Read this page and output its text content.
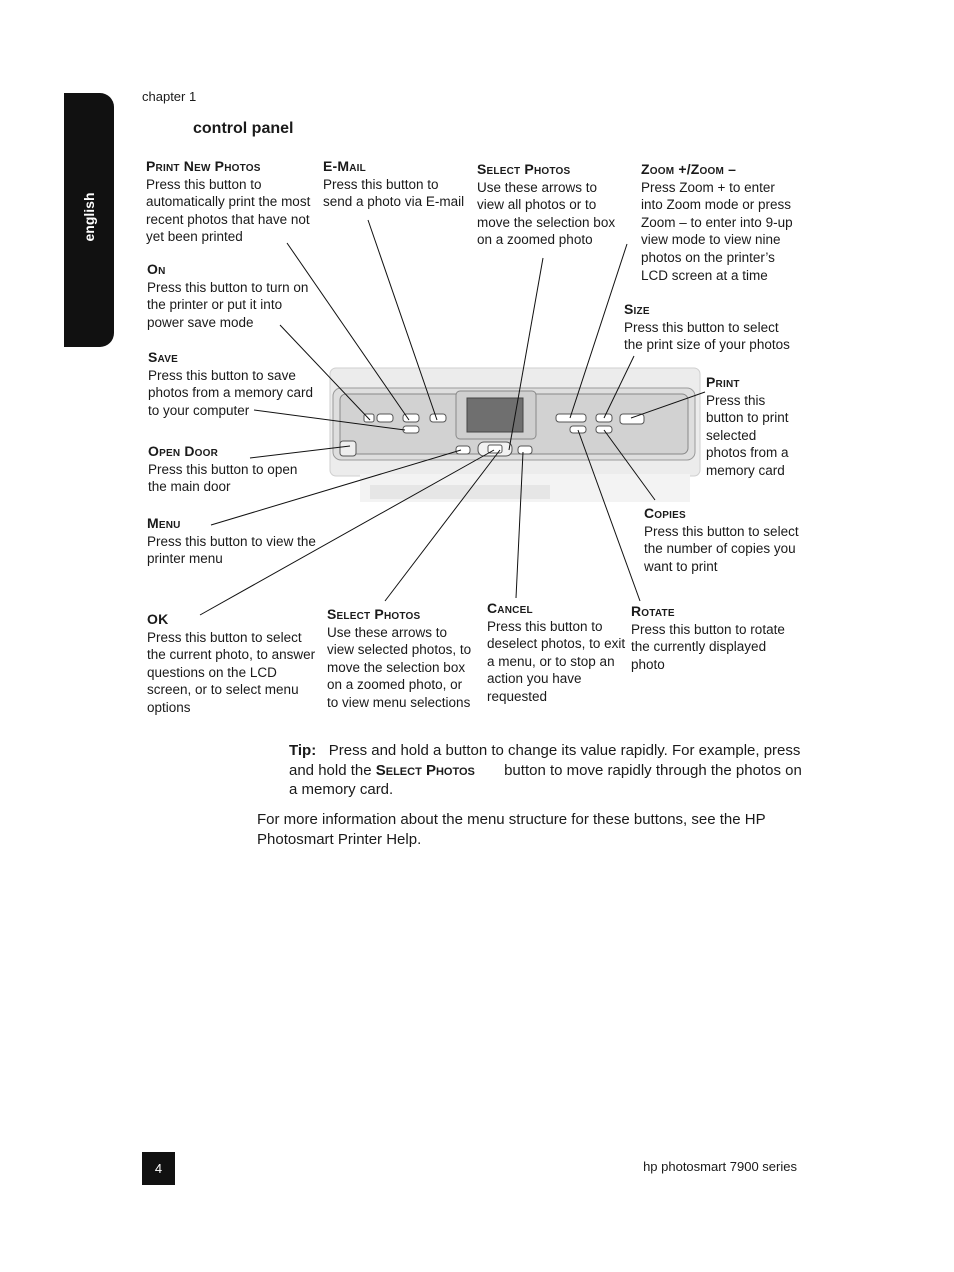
english
chapter 1
control panel
Print New Photos
Press this button to automatically print the most recent photos that have not yet been printed
E-Mail
Press this button to send a photo via E-mail
Select Photos
Use these arrows to view all photos or to move the selection box on a zoomed photo
Zoom +/Zoom –
Press Zoom + to enter into Zoom mode or press Zoom – to enter into 9-up view mode to view nine photos on the printer’s LCD screen at a time
On
Press this button to turn on the printer or put it into power save mode
Size
Press this button to select the print size of your photos
Save
Press this button to save photos from a memory card to your computer
Print
Press this button to print selected photos from a memory card
Open Door
Press this button to open the main door
Copies
Press this button to select the number of copies you want to print
Menu
Press this button to view the printer menu
OK
Press this button to select the current photo, to answer questions on the LCD screen, or to select menu options
Select Photos
Use these arrows to view selected photos, to move the selection box on a zoomed photo, or to view menu selections
Cancel
Press this button to deselect photos, to exit a menu, or to stop an action you have requested
Rotate
Press this button to rotate the currently displayed photo
Tip: Press and hold a button to change its value rapidly. For example, press and hold the Select Photos button to move rapidly through the photos on a memory card.
For more information about the menu structure for these buttons, see the HP Photosmart Printer Help.
4	hp photosmart 7900 series
